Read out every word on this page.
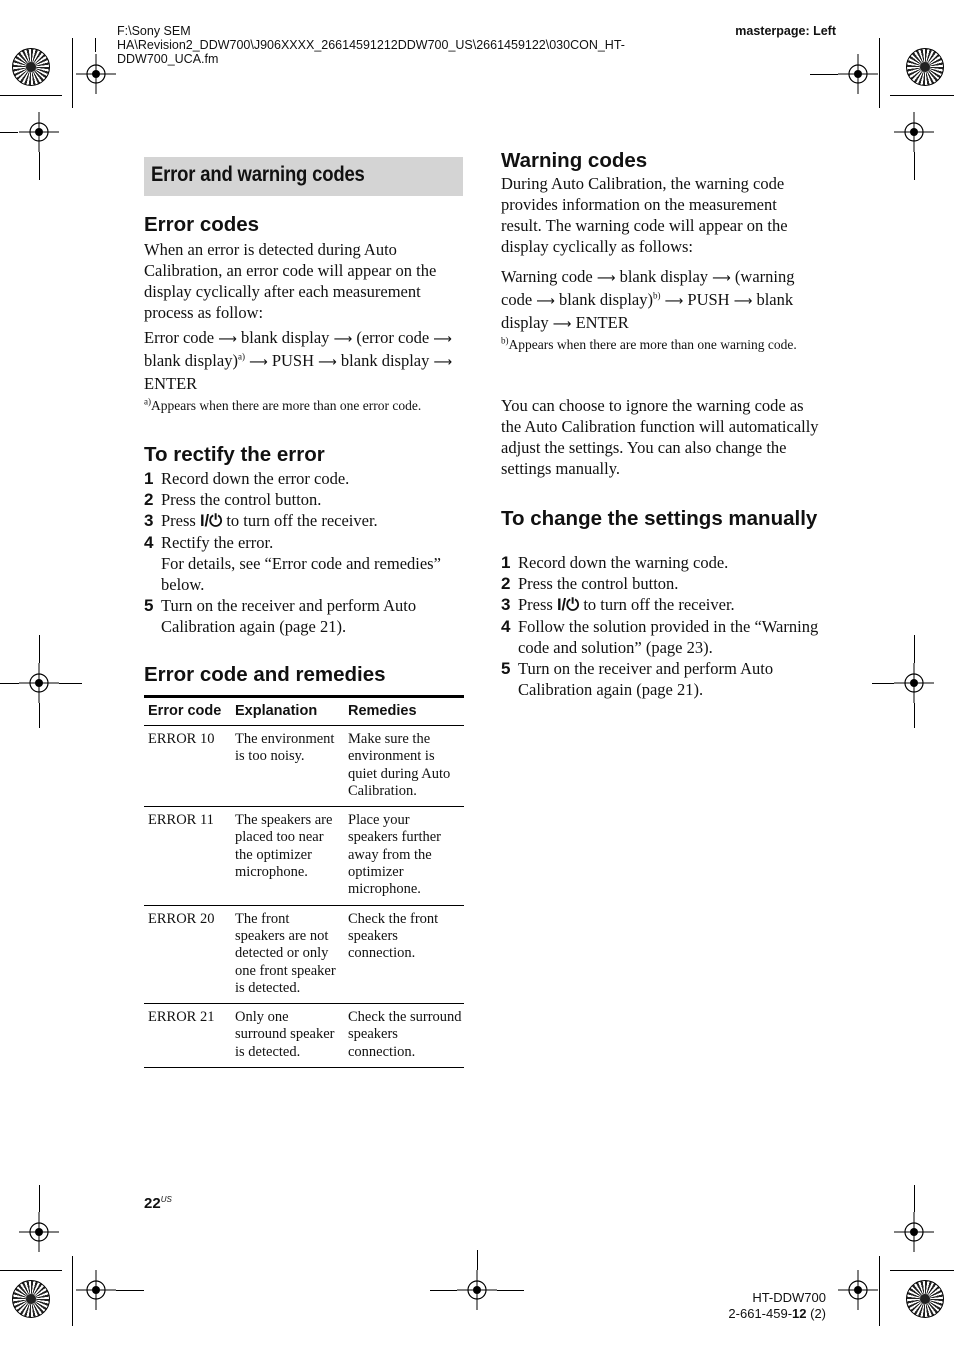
F:\Sony SEM HA\Revision2_DDW700\J906XXXX_26614591212DDW700_US\2661459122\030CON_HT-DDW700_UCA.fm
masterpage: Left
Error and warning codes
Error codes

When an error is detected during Auto Calibration, an error code will appear on the display cyclically after each measurement process as follow:

Error code ⟶ blank display ⟶ (error code ⟶ blank display)$^{a)}$ ⟶ PUSH ⟶ blank display ⟶ ENTER

$^{a)}$Appears when there are more than one error code.
To rectify the error
1 Record down the error code.
2 Press the control button.
3 Press I/⏻ to turn off the receiver.
4 Rectify the error.
For details, see “Error code and remedies” below.
5 Turn on the receiver and perform Auto Calibration again (page 21).
Error code and remedies
Error code	Explanation	Remedies
ERROR 10	The environment is too noisy.	Make sure the environment is quiet during Auto Calibration.
ERROR 11	The speakers are placed too near the optimizer microphone.	Place your speakers further away from the optimizer microphone.
ERROR 20	The front speakers are not detected or only one front speaker is detected.	Check the front speakers connection.
ERROR 21	Only one surround speaker is detected.	Check the surround speakers connection.
Warning codes

During Auto Calibration, the warning code provides information on the measurement result. The warning code will appear on the display cyclically as follows:

Warning code ⟶ blank display ⟶ (warning code ⟶ blank display)$^{b)}$ ⟶ PUSH ⟶ blank display ⟶ ENTER

$^{b)}$Appears when there are more than one warning code.

You can choose to ignore the warning code as the Auto Calibration function will automatically adjust the settings. You can also change the settings manually.

To change the settings manually
1 Record down the warning code.
2 Press the control button.
3 Press I/⏻ to turn off the receiver.
4 Follow the solution provided in the “Warning code and solution” (page 23).
5 Turn on the receiver and perform Auto Calibration again (page 21).
$22^{US}$
HT-DDW700
2-661-459-12 (2)
